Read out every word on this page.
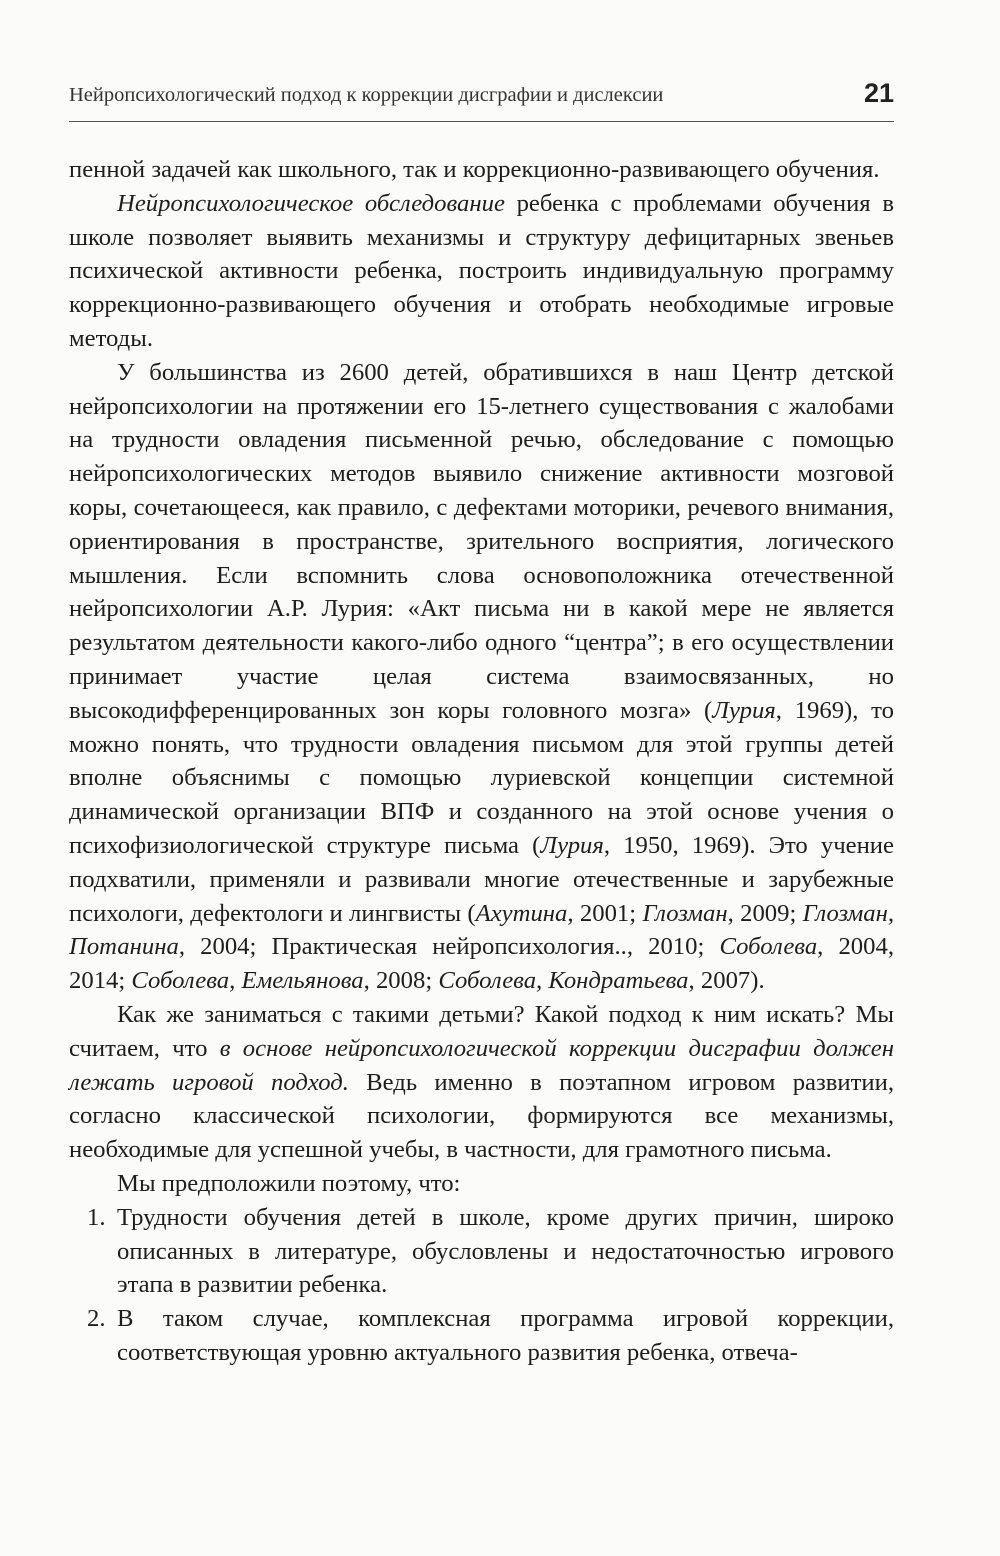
Нейропсихологический подход к коррекции дисграфии и дислексии	21

пенной задачей как школьного, так и коррекционно-развивающего обучения.

Нейропсихологическое обследование ребенка с проблемами обучения в школе позволяет выявить механизмы и структуру дефицитарных звеньев психической активности ребенка, построить индивидуальную программу коррекционно-развивающего обучения и отобрать необходимые игровые методы.

У большинства из 2600 детей, обратившихся в наш Центр детской нейропсихологии на протяжении его 15-летнего существования с жалобами на трудности овладения письменной речью, обследование с помощью нейропсихологических методов выявило снижение активности мозговой коры, сочетающееся, как правило, с дефектами моторики, речевого внимания, ориентирования в пространстве, зрительного восприятия, логического мышления. Если вспомнить слова основоположника отечественной нейропсихологии А.Р. Лурия: «Акт письма ни в какой мере не является результатом деятельности какого-либо одного “центра”; в его осуществлении принимает участие целая система взаимосвязанных, но высокодифференцированных зон коры головного мозга» (Лурия, 1969), то можно понять, что трудности овладения письмом для этой группы детей вполне объяснимы с помощью луриевской концепции системной динамической организации ВПФ и созданного на этой основе учения о психофизиологической структуре письма (Лурия, 1950, 1969). Это учение подхватили, применяли и развивали многие отечественные и зарубежные психологи, дефектологи и лингвисты (Ахутина, 2001; Глозман, 2009; Глозман, Потанина, 2004; Практическая нейропсихология.., 2010; Соболева, 2004, 2014; Соболева, Емельянова, 2008; Соболева, Кондратьева, 2007).

Как же заниматься с такими детьми? Какой подход к ним искать? Мы считаем, что в основе нейропсихологической коррекции дисграфии должен лежать игровой подход. Ведь именно в поэтапном игровом развитии, согласно классической психологии, формируются все механизмы, необходимые для успешной учебы, в частности, для грамотного письма.

Мы предположили поэтому, что:

1. Трудности обучения детей в школе, кроме других причин, широко описанных в литературе, обусловлены и недостаточностью игрового этапа в развитии ребенка.
2. В таком случае, комплексная программа игровой коррекции, соответствующая уровню актуального развития ребенка, отвеча-
